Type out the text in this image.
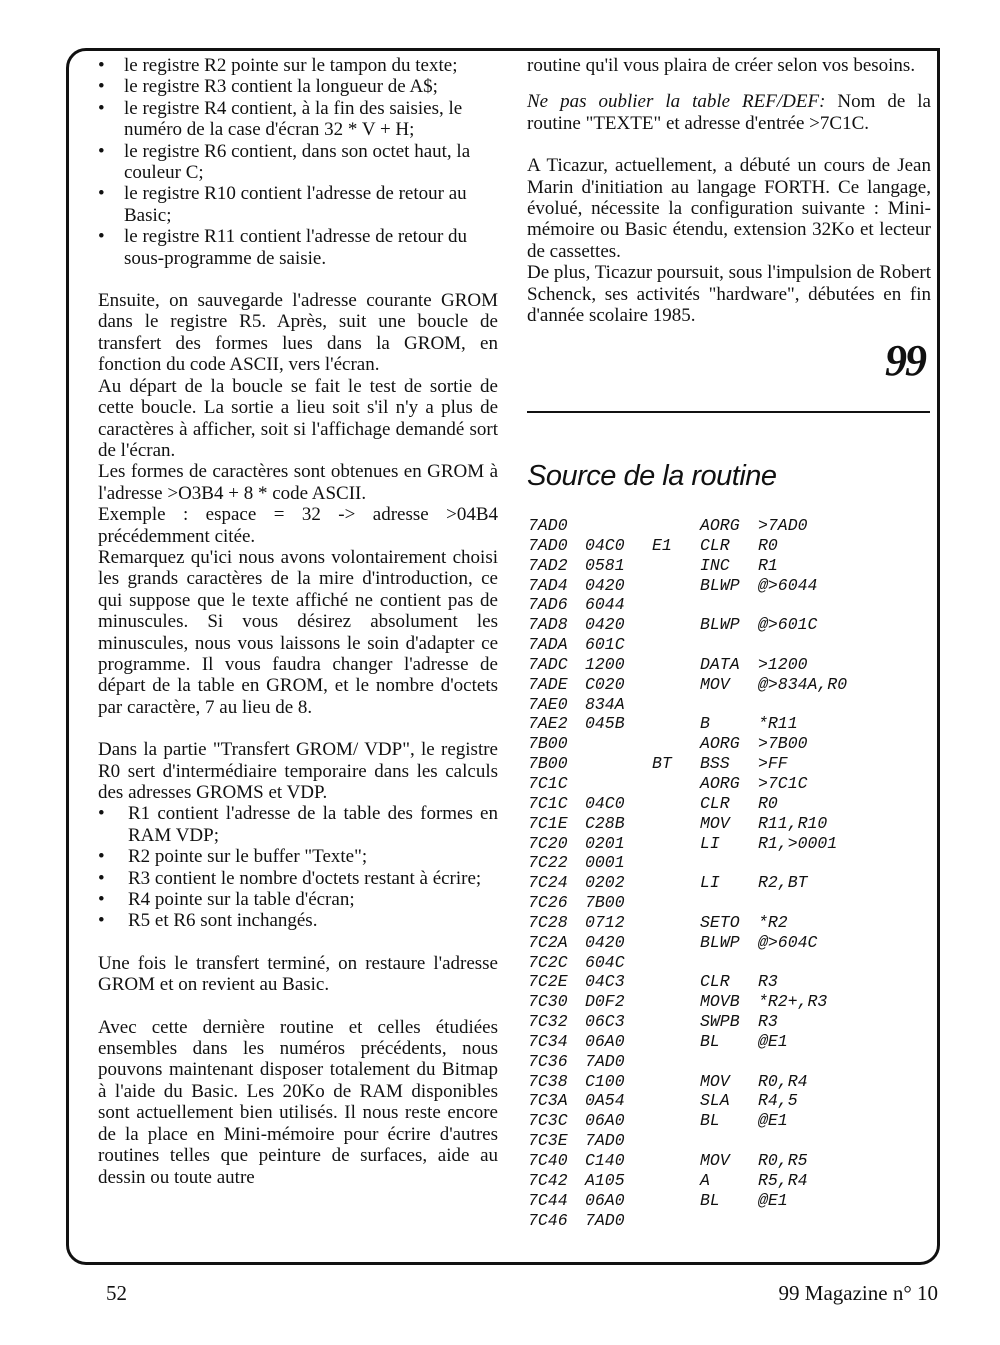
• le registre R2 pointe sur le tampon du texte;
• le registre R3 contient la longueur de A$;
• le registre R4 contient, à la fin des saisies, le numéro de la case d'écran 32 * V + H;
• le registre R6 contient, dans son octet haut, la couleur C;
• le registre R10 contient l'adresse de retour au Basic;
• le registre R11 contient l'adresse de retour du sous-programme de saisie.

Ensuite, on sauvegarde l'adresse courante GROM dans le registre R5. Après, suit une boucle de transfert des formes lues dans la GROM, en fonction du code ASCII, vers l'écran.

Au départ de la boucle se fait le test de sortie de cette boucle. La sortie a lieu soit s'il n'y a plus de caractères à afficher, soit si l'affichage demandé sort de l'écran.

Les formes de caractères sont obtenues en GROM à l'adresse >O3B4 + 8 * code ASCII.

Exemple : espace = 32 -> adresse >04B4 précédemment citée.

Remarquez qu'ici nous avons volontairement choisi les grands caractères de la mire d'introduction, ce qui suppose que le texte affiché ne contient pas de minuscules. Si vous désirez absolument les minuscules, nous vous laissons le soin d'adapter ce programme. Il vous faudra changer l'adresse de départ de la table en GROM, et le nombre d'octets par caractère, 7 au lieu de 8.

Dans la partie "Transfert GROM/ VDP", le registre R0 sert d'intermédiaire temporaire dans les calculs des adresses GROMS et VDP.

• R1 contient l'adresse de la table des formes en RAM VDP;
• R2 pointe sur le buffer "Texte";
• R3 contient le nombre d'octets restant à écrire;
• R4 pointe sur la table d'écran;
• R5 et R6 sont inchangés.

Une fois le transfert terminé, on restaure l'adresse GROM et on revient au Basic.

Avec cette dernière routine et celles étudiées ensembles dans les numéros précédents, nous pouvons maintenant disposer totalement du Bitmap à l'aide du Basic. Les 20Ko de RAM disponibles sont actuellement bien utilisés. Il nous reste encore de la place en Mini-mémoire pour écrire d'autres routines telles que peinture de surfaces, aide au dessin ou toute autre

routine qu'il vous plaira de créer selon vos besoins.

Ne pas oublier la table REF/DEF: Nom de la routine "TEXTE" et adresse d'entrée >7C1C.

A Ticazur, actuellement, a débuté un cours de Jean Marin d'initiation au langage FORTH. Ce langage, évolué, nécessite la configuration suivante : Mini-mémoire ou Basic étendu, extension 32Ko et lecteur de cassettes.

De plus, Ticazur poursuit, sous l'impulsion de Robert Schenck, ses activités "hardware", débutées en fin d'année scolaire 1985.

99
Source de la routine
7AD0	AORG >7AD0
7AD0 04C0 E1 CLR R0
7AD2 0581	INC R1
7AD4 0420	BLWP @>6044
7AD6 6044
7AD8 0420	BLWP @>601C
7ADA 601C
7ADC 1200	DATA >1200
7ADE C020	MOV @>834A,R0
7AE0 834A
7AE2 045B	B	*R11
7B00	AORG >7B00
7B00	BT BSS >FF
7C1C	AORG >7C1C
7C1C 04C0	CLR R0
7C1E C28B	MOV R11,R10
7C20 0201	LI R1,>0001
7C22 0001
7C24 0202	LI R2,BT
7C26 7B00
7C28 0712	SETO *R2
7C2A 0420	BLWP @>604C
7C2C 604C
7C2E 04C3	CLR R3
7C30 D0F2	MOVB *R2+,R3
7C32 06C3	SWPB R3
7C34 06A0	BL @E1
7C36 7AD0
7C38 C100	MOV R0,R4
7C3A 0A54	SLA R4,5
7C3C 06A0	BL @E1
7C3E 7AD0
7C40 C140	MOV R0,R5
7C42 A105	A	R5,R4
7C44 06A0	BL @E1
7C46 7AD0
52	99 Magazine n° 10
